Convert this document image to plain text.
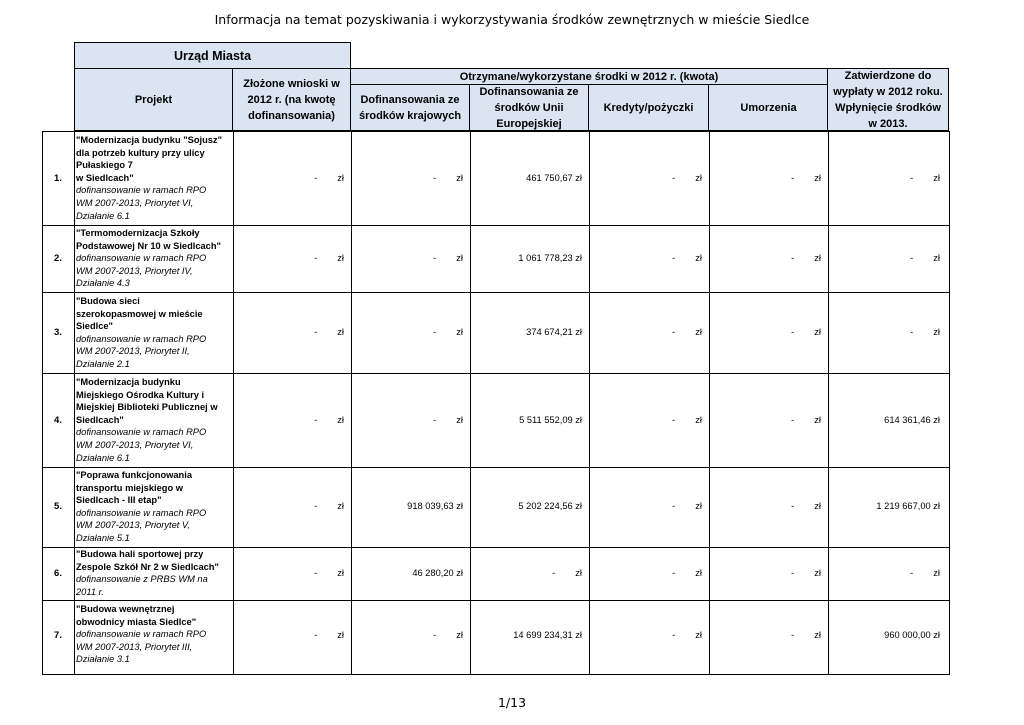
Informacja na temat pozyskiwania i wykorzystywania środków zewnętrznych w mieście Siedlce
Urząd Miasta
Projekt
Złożone wnioski w 2012 r. (na kwotę dofinansowania)
Otrzymane/wykorzystane środki w 2012 r. (kwota)
Dofinansowania ze środków krajowych
Dofinansowania ze środków Unii Europejskiej
Kredyty/pożyczki	Umorzenia
Zatwierdzone do wypłaty w 2012 roku. Wpłynięcie środków w 2013.
1.
"Modernizacja budynku "Sojusz"
dla potrzeb kultury przy ulicy
Pułaskiego 7
w Siedlcach"
dofinansowanie w ramach RPO
WM 2007-2013, Priorytet VI,
Działanie 6.1
- zł	- zł	461 750,67 zł	- zł	- zł	- zł
2.
"Termomodernizacja Szkoły
Podstawowej Nr 10 w Siedlcach"
dofinansowanie w ramach RPO
WM 2007-2013, Priorytet IV,
Działanie 4.3
- zł	- zł	1 061 778,23 zł	- zł	- zł	- zł
3.
"Budowa sieci
szerokopasmowej w mieście
Siedlce"
dofinansowanie w ramach RPO
WM 2007-2013, Priorytet II,
Działanie 2.1
- zł	- zł	374 674,21 zł	- zł	- zł	- zł
4.
"Modernizacja budynku
Miejskiego Ośrodka Kultury i
Miejskiej Biblioteki Publicznej w
Siedlcach"
dofinansowanie w ramach RPO
WM 2007-2013, Priorytet VI,
Działanie 6.1
- zł	- zł	5 511 552,09 zł	- zł	- zł	614 361,46 zł
5.
"Poprawa funkcjonowania
transportu miejskiego w
Siedlcach - III etap"
dofinansowanie w ramach RPO
WM 2007-2013, Priorytet V,
Działanie 5.1
- zł	918 039,63 zł	5 202 224,56 zł	- zł	- zł	1 219 667,00 zł
6.
"Budowa hali sportowej przy
Zespole Szkół Nr 2 w Siedlcach"
dofinansowanie z PRBS WM na
2011 r.
- zł	46 280,20 zł	- zł	- zł	- zł	- zł
7.
"Budowa wewnętrznej
obwodnicy miasta Siedlce"
dofinansowanie w ramach RPO
WM 2007-2013, Priorytet III,
Działanie 3.1
- zł	- zł	14 699 234,31 zł	- zł	- zł	960 000,00 zł
1/13
